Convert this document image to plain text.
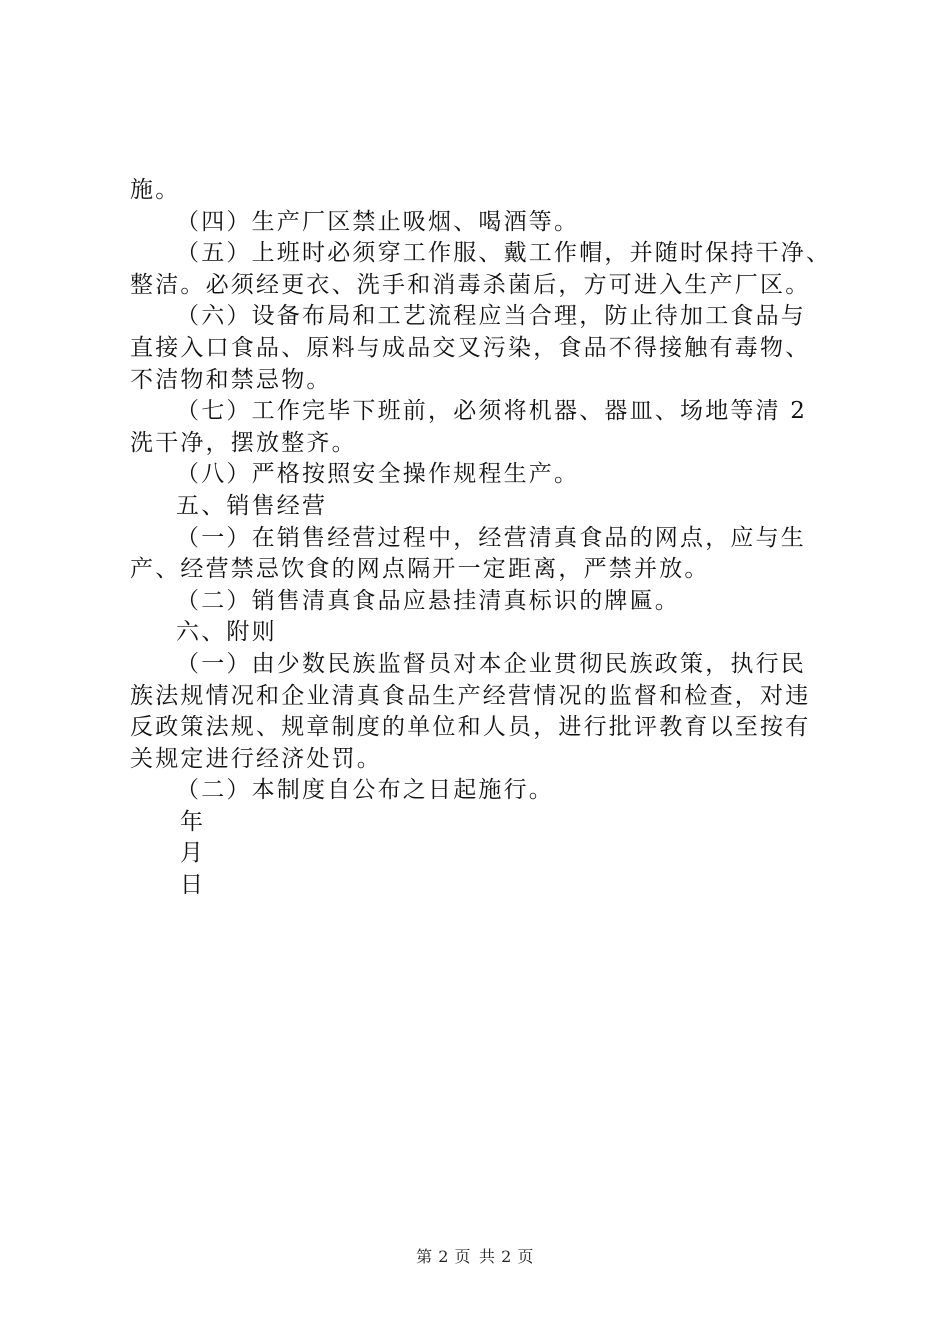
施。
（四）生产厂区禁止吸烟、喝酒等。
（五）上班时必须穿工作服、戴工作帽，并随时保持干净、
整洁。必须经更衣、洗手和消毒杀菌后，方可进入生产厂区。
（六）设备布局和工艺流程应当合理，防止待加工食品与
直接入口食品、原料与成品交叉污染，食品不得接触有毒物、
不洁物和禁忌物。
（七）工作完毕下班前，必须将机器、器皿、场地等清 2
洗干净，摆放整齐。
（八）严格按照安全操作规程生产。
五、销售经营
（一）在销售经营过程中，经营清真食品的网点，应与生
产、经营禁忌饮食的网点隔开一定距离，严禁并放。
（二）销售清真食品应悬挂清真标识的牌匾。
六、附则
（一）由少数民族监督员对本企业贯彻民族政策，执行民
族法规情况和企业清真食品生产经营情况的监督和检查，对违
反政策法规、规章制度的单位和人员，进行批评教育以至按有
关规定进行经济处罚。
（二）本制度自公布之日起施行。
年
月
日
第 2 页 共 2 页
